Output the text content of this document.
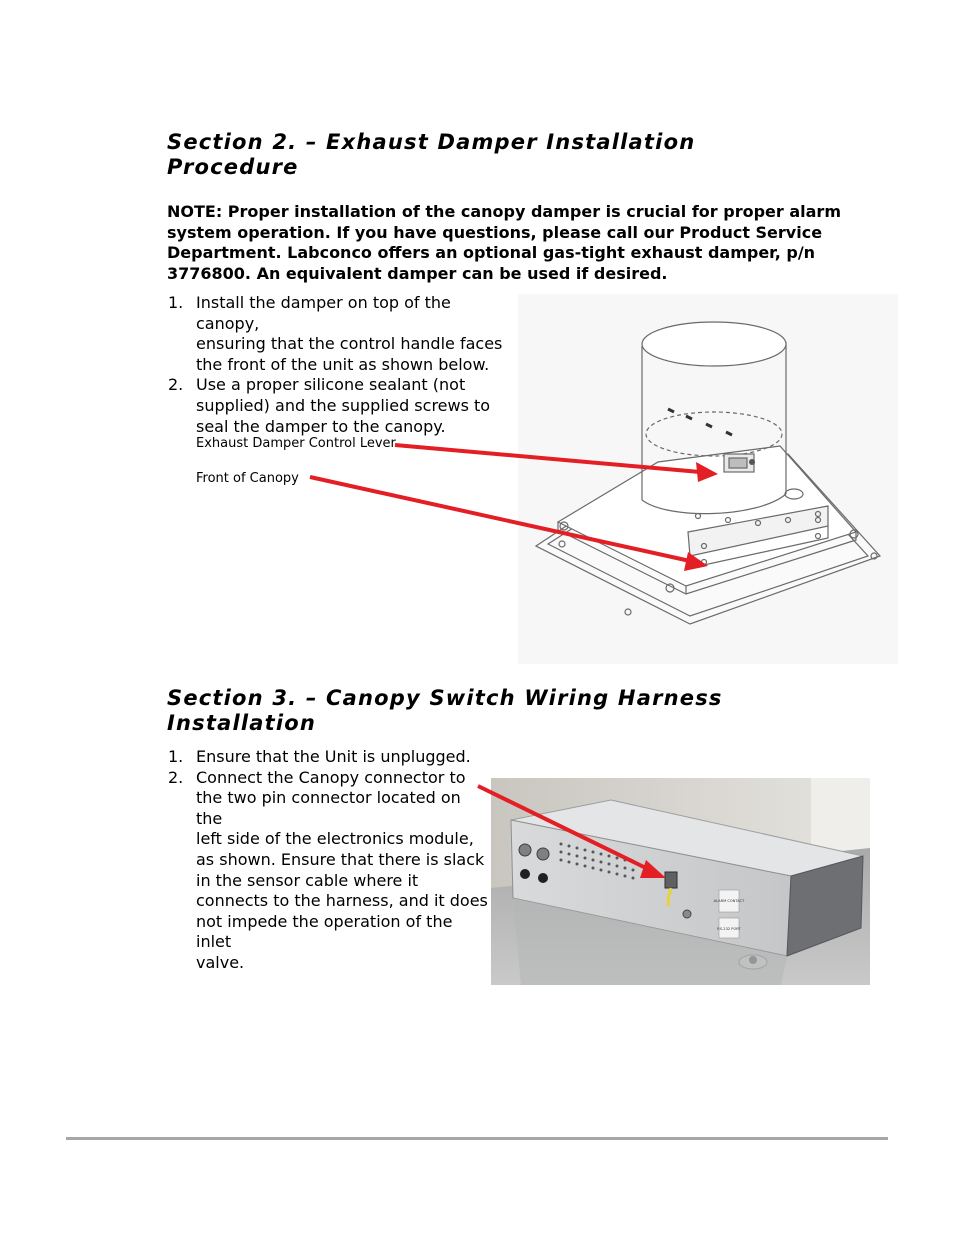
Section 2. – Exhaust Damper Installation

Procedure

NOTE: Proper installation of the canopy damper is crucial for proper alarm

system operation. If you have questions, please call our Product Service

Department. Labconco offers an optional gas-tight exhaust damper, p/n

3776800. An equivalent damper can be used if desired.

1. Install the damper on top of the canopy,
ensuring that the control handle faces
the front of the unit as shown below.
2. Use a proper silicone sealant (not
supplied) and the supplied screws to
seal the damper to the canopy.
Exhaust Damper Control Lever
Front of Canopy

Section 3. – Canopy Switch Wiring Harness

Installation

1. Ensure that the Unit is unplugged.
2. Connect the Canopy connector to
the two pin connector located on the
left side of the electronics module,
as shown. Ensure that there is slack
in the sensor cable where it
connects to the harness, and it does
not impede the operation of the inlet
valve.
ALARM CONTACT
RS-232 PORT
